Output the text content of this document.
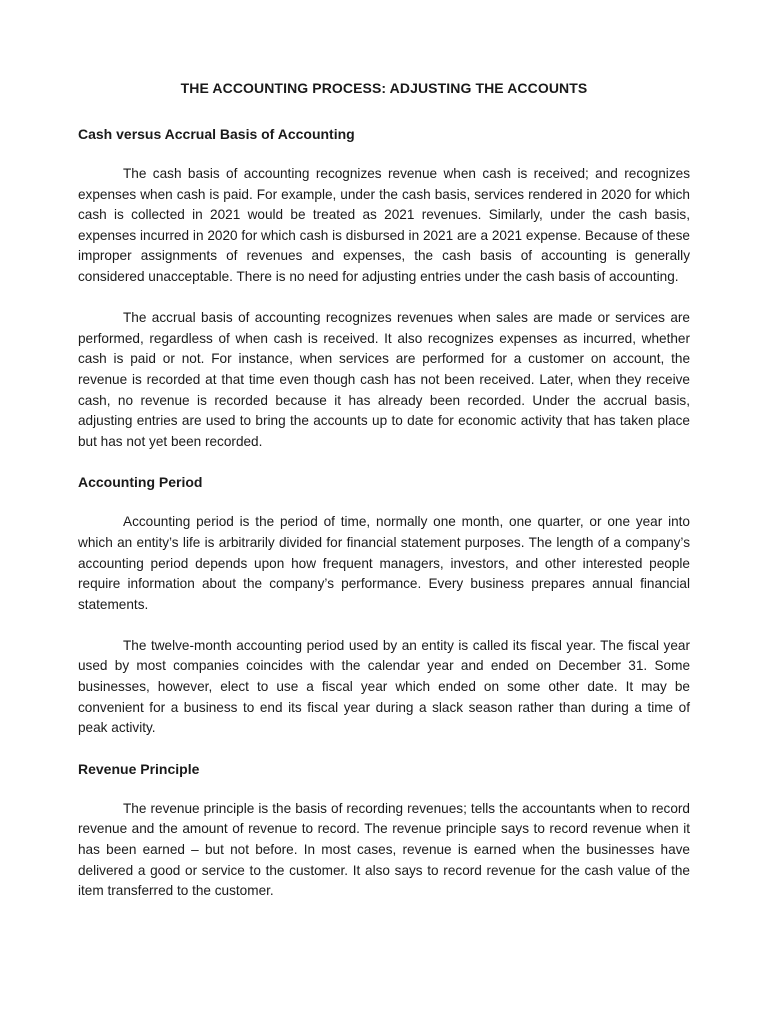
THE ACCOUNTING PROCESS: ADJUSTING THE ACCOUNTS
Cash versus Accrual Basis of Accounting

The cash basis of accounting recognizes revenue when cash is received; and recognizes expenses when cash is paid. For example, under the cash basis, services rendered in 2020 for which cash is collected in 2021 would be treated as 2021 revenues. Similarly, under the cash basis, expenses incurred in 2020 for which cash is disbursed in 2021 are a 2021 expense. Because of these improper assignments of revenues and expenses, the cash basis of accounting is generally considered unacceptable. There is no need for adjusting entries under the cash basis of accounting.

The accrual basis of accounting recognizes revenues when sales are made or services are performed, regardless of when cash is received. It also recognizes expenses as incurred, whether cash is paid or not. For instance, when services are performed for a customer on account, the revenue is recorded at that time even though cash has not been received. Later, when they receive cash, no revenue is recorded because it has already been recorded. Under the accrual basis, adjusting entries are used to bring the accounts up to date for economic activity that has taken place but has not yet been recorded.

Accounting Period

Accounting period is the period of time, normally one month, one quarter, or one year into which an entity’s life is arbitrarily divided for financial statement purposes. The length of a company’s accounting period depends upon how frequent managers, investors, and other interested people require information about the company’s performance. Every business prepares annual financial statements.

The twelve-month accounting period used by an entity is called its fiscal year. The fiscal year used by most companies coincides with the calendar year and ended on December 31. Some businesses, however, elect to use a fiscal year which ended on some other date. It may be convenient for a business to end its fiscal year during a slack season rather than during a time of peak activity.

Revenue Principle

The revenue principle is the basis of recording revenues; tells the accountants when to record revenue and the amount of revenue to record. The revenue principle says to record revenue when it has been earned – but not before. In most cases, revenue is earned when the businesses have delivered a good or service to the customer. It also says to record revenue for the cash value of the item transferred to the customer.
